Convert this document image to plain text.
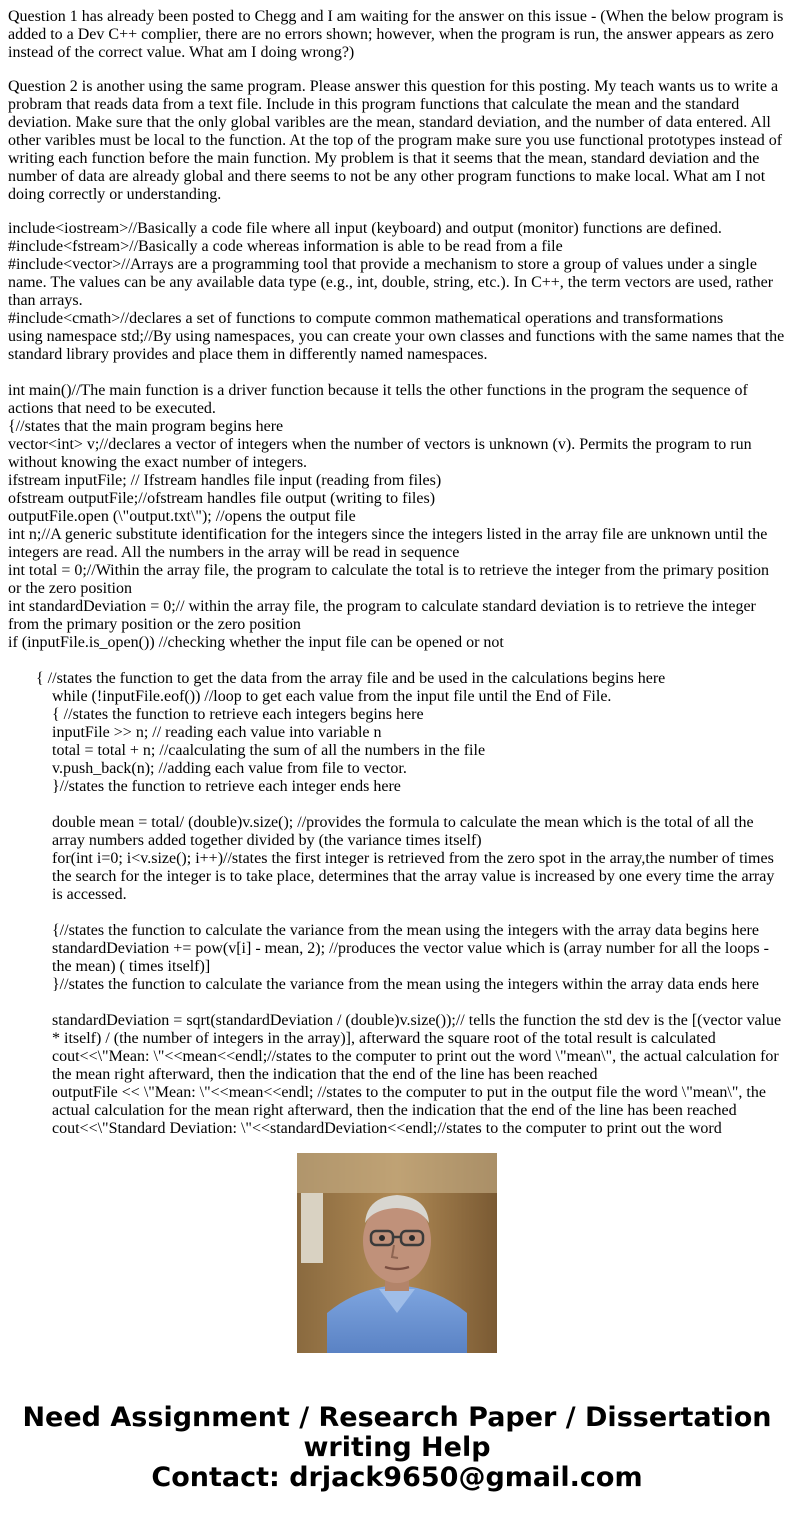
Question 1 has already been posted to Chegg and I am waiting for the answer on this issue - (When the below program is added to a Dev C++ complier, there are no errors shown; however, when the program is run, the answer appears as zero instead of the correct value. What am I doing wrong?)

Question 2 is another using the same program. Please answer this question for this posting. My teach wants us to write a probram that reads data from a text file. Include in this program functions that calculate the mean and the standard deviation. Make sure that the only global varibles are the mean, standard deviation, and the number of data entered. All other varibles must be local to the function. At the top of the program make sure you use functional prototypes instead of writing each function before the main function. My problem is that it seems that the mean, standard deviation and the number of data are already global and there seems to not be any other program functions to make local. What am I not doing correctly or understanding.

include<iostream>//Basically a code file where all input (keyboard) and output (monitor) functions are defined.
#include<fstream>//Basically a code whereas information is able to be read from a file
#include<vector>//Arrays are a programming tool that provide a mechanism to store a group of values under a single name. The values can be any available data type (e.g., int, double, string, etc.). In C++, the term vectors are used, rather than arrays.
#include<cmath>//declares a set of functions to compute common mathematical operations and transformations
using namespace std;//By using namespaces, you can create your own classes and functions with the same names that the standard library provides and place them in differently named namespaces.
int main()//The main function is a driver function because it tells the other functions in the program the sequence of actions that need to be executed.
{//states that the main program begins here
vector<int> v;//declares a vector of integers when the number of vectors is unknown (v). Permits the program to run without knowing the exact number of integers.
ifstream inputFile; // Ifstream handles file input (reading from files)
ofstream outputFile;//ofstream handles file output (writing to files)
outputFile.open (\"output.txt\"); //opens the output file
int n;//A generic substitute identification for the integers since the integers listed in the array file are unknown until the integers are read. All the numbers in the array will be read in sequence
int total = 0;//Within the array file, the program to calculate the total is to retrieve the integer from the primary position or the zero position
int standardDeviation = 0;// within the array file, the program to calculate standard deviation is to retrieve the integer from the primary position or the zero position
if (inputFile.is_open()) //checking whether the input file can be opened or not
{ //states the function to get the data from the array file and be used in the calculations begins here
while (!inputFile.eof()) //loop to get each value from the input file until the End of File.
{ //states the function to retrieve each integers begins here
inputFile >> n; // reading each value into variable n
total = total + n; //caalculating the sum of all the numbers in the file
v.push_back(n); //adding each value from file to vector.
}//states the function to retrieve each integer ends here
double mean = total/ (double)v.size(); //provides the formula to calculate the mean which is the total of all the array numbers added together divided by (the variance times itself)
for(int i=0; i<v.size(); i++)//states the first integer is retrieved from the zero spot in the array,the number of times the search for the integer is to take place, determines that the array value is increased by one every time the array is accessed.
{//states the function to calculate the variance from the mean using the integers with the array data begins here
standardDeviation += pow(v[i] - mean, 2); //produces the vector value which is (array number for all the loops - the mean) ( times itself)]
}//states the function to calculate the variance from the mean using the integers within the array data ends here
standardDeviation = sqrt(standardDeviation / (double)v.size());// tells the function the std dev is the [(vector value * itself) / (the number of integers in the array)], afterward the square root of the total result is calculated
cout<<\"Mean: \"<<mean<<endl;//states to the computer to print out the word \"mean\", the actual calculation for the mean right afterward, then the indication that the end of the line has been reached
outputFile << \"Mean: \"<<mean<<endl; //states to the computer to put in the output file the word \"mean\", the actual calculation for the mean right afterward, then the indication that the end of the line has been reached
cout<<\"Standard Deviation: \"<<standardDeviation<<endl;//states to the computer to print out the word
Need Assignment / Research Paper / Dissertation
writing Help
Contact: drjack9650@gmail.com
